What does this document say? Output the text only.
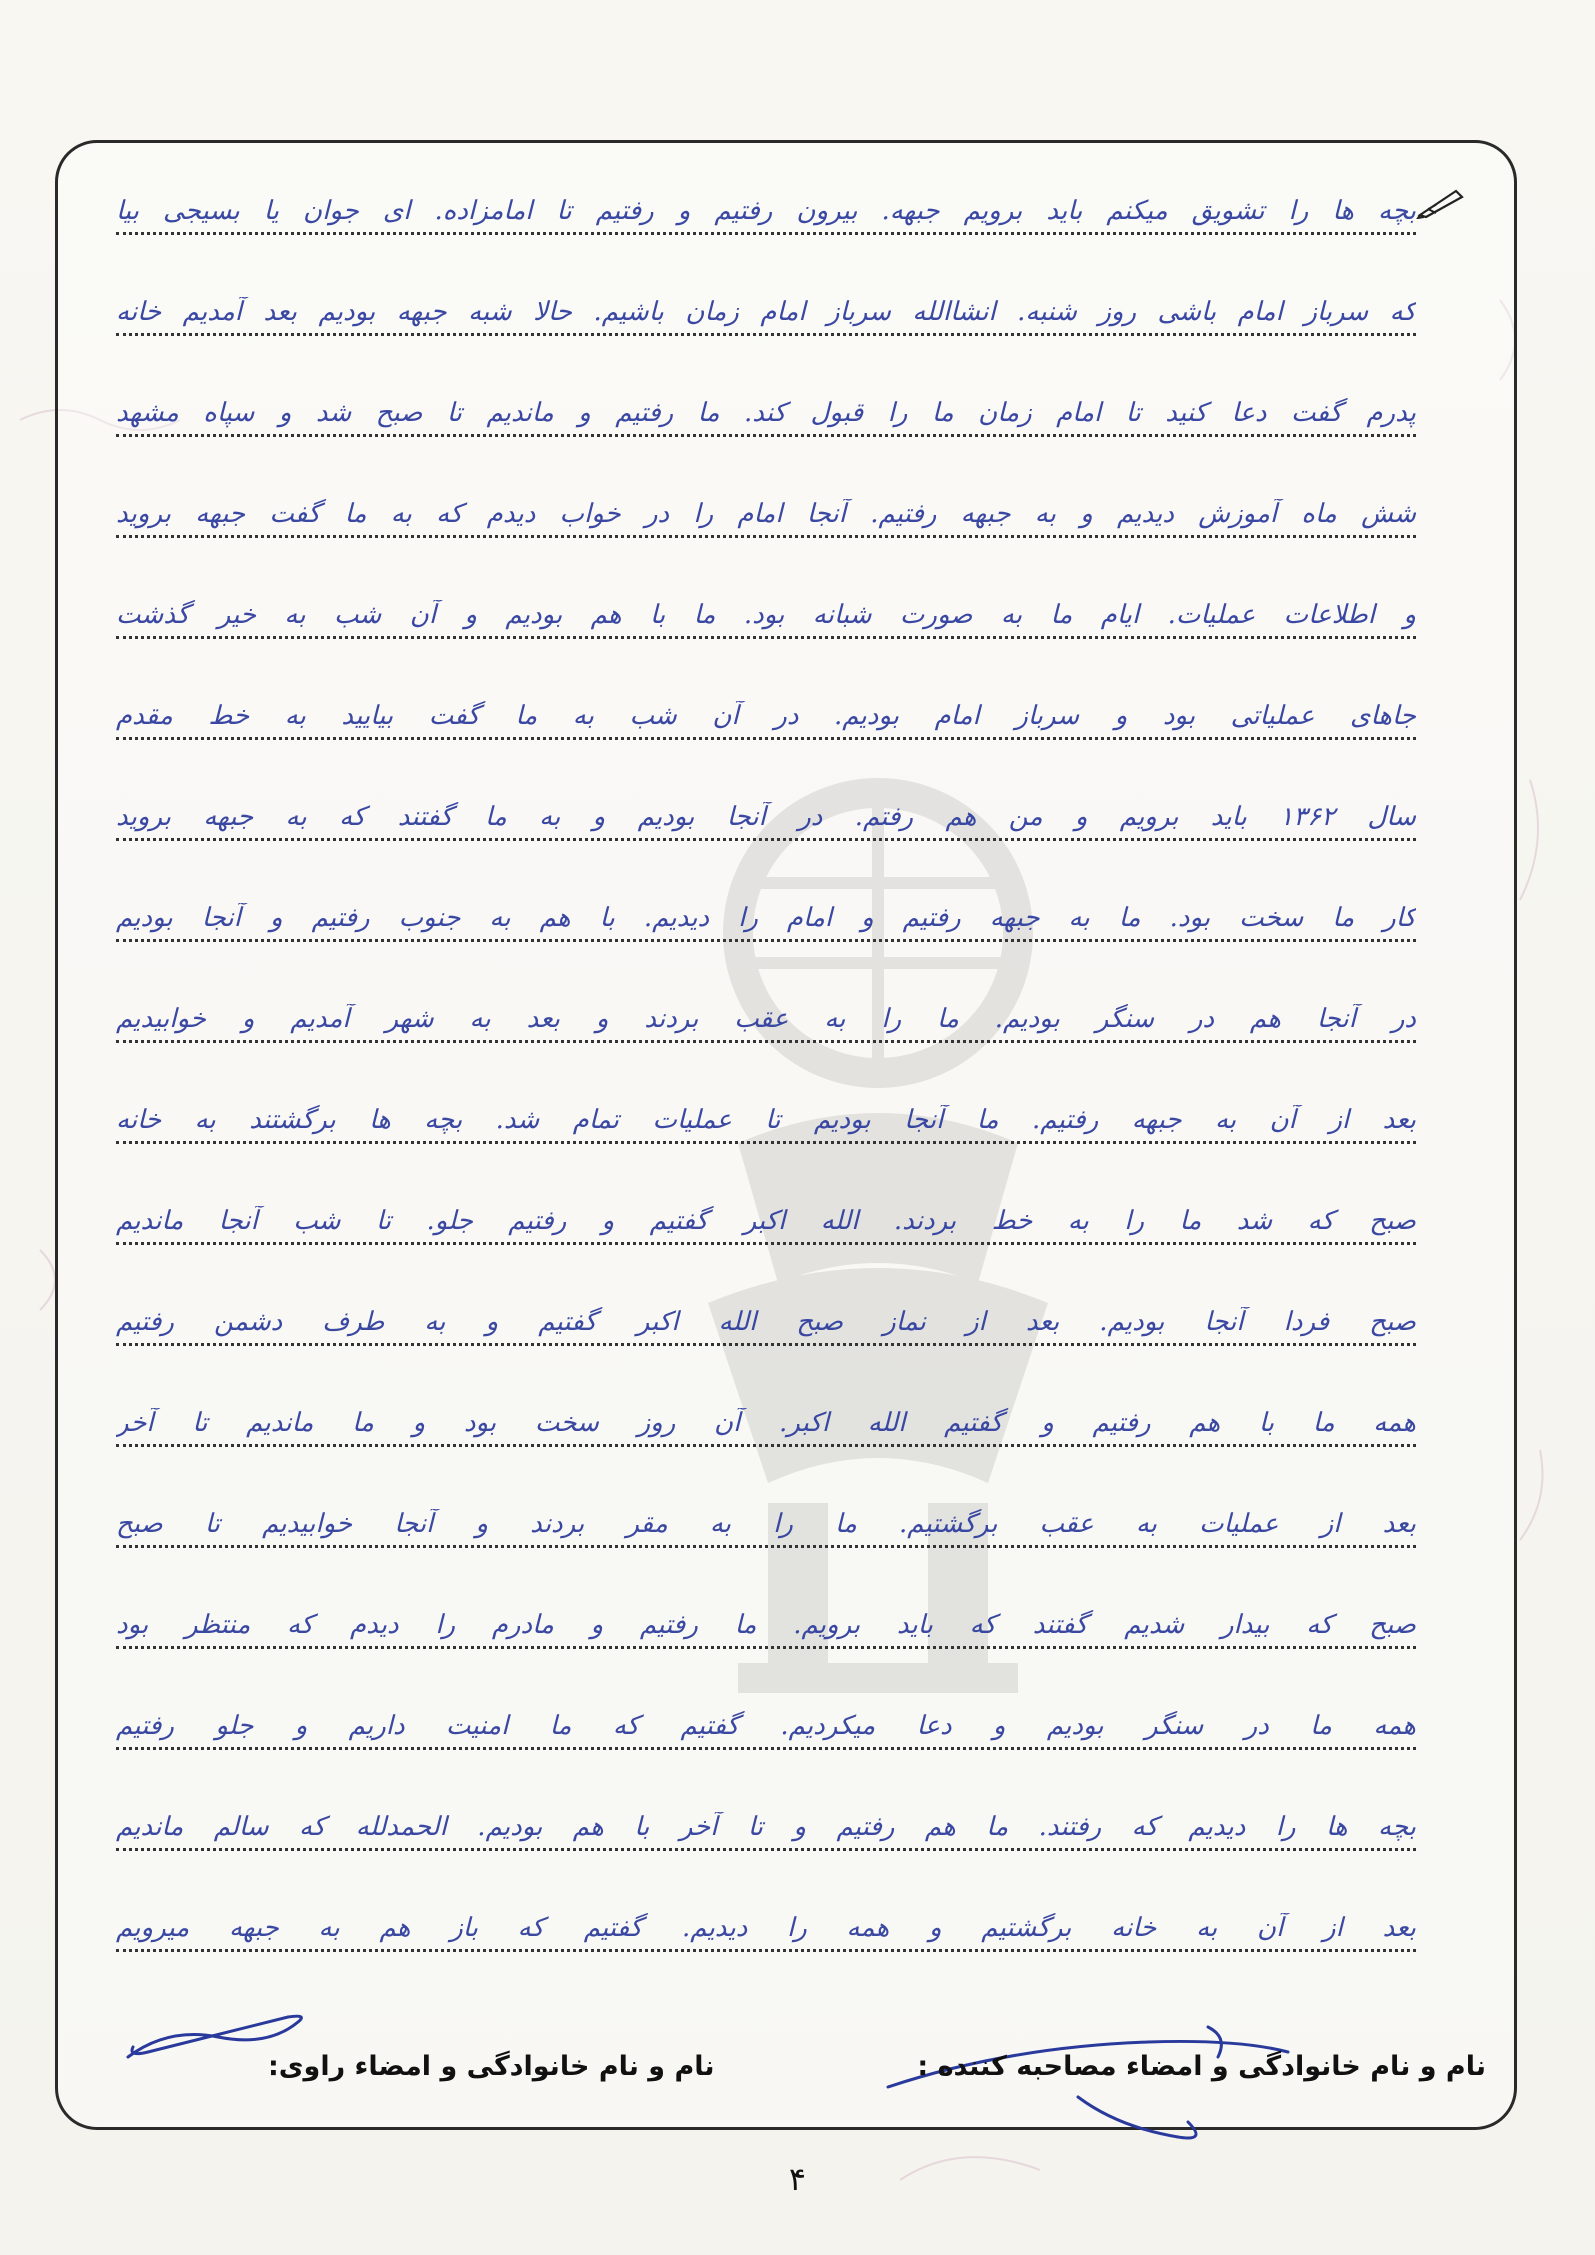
بچه ها را تشویق میکنم باید برویم جبهه. بیرون رفتیم و رفتیم تا امامزاده. ای جوان یا بسیجی بیا
که سرباز امام باشی روز شنبه. انشاالله سرباز امام زمان باشیم. حالا شبه جبهه بودیم بعد آمدیم خانه
پدرم گفت دعا کنید تا امام زمان ما را قبول کند. ما رفتیم و ماندیم تا صبح شد و سپاه مشهد
شش ماه آموزش دیدیم و به جبهه رفتیم. آنجا امام را در خواب دیدم که به ما گفت جبهه بروید
و اطلاعات عملیات. ایام ما به صورت شبانه بود. ما با هم بودیم و آن شب به خیر گذشت
جاهای عملیاتی بود و سرباز امام بودیم. در آن شب به ما گفت بیایید به خط مقدم
سال ۱۳۶۲ باید برویم و من هم رفتم. در آنجا بودیم و به ما گفتند که به جبهه بروید
کار ما سخت بود. ما به جبهه رفتیم و امام را دیدیم. با هم به جنوب رفتیم و آنجا بودیم
در آنجا هم در سنگر بودیم. ما را به عقب بردند و بعد به شهر آمدیم و خوابیدیم
بعد از آن به جبهه رفتیم. ما آنجا بودیم تا عملیات تمام شد. بچه ها برگشتند به خانه
صبح که شد ما را به خط بردند. الله اکبر گفتیم و رفتیم جلو. تا شب آنجا ماندیم
صبح فردا آنجا بودیم. بعد از نماز صبح الله اکبر گفتیم و به طرف دشمن رفتیم
همه ما با هم رفتیم و گفتیم الله اکبر. آن روز سخت بود و ما ماندیم تا آخر
بعد از عملیات به عقب برگشتیم. ما را به مقر بردند و آنجا خوابیدیم تا صبح
صبح که بیدار شدیم گفتند که باید برویم. ما رفتیم و مادرم را دیدم که منتظر بود
همه ما در سنگر بودیم و دعا میکردیم. گفتیم که ما امنیت داریم و جلو رفتیم
بچه ها را دیدیم که رفتند. ما هم رفتیم و تا آخر با هم بودیم. الحمدلله که سالم ماندیم
بعد از آن به خانه برگشتیم و همه را دیدیم. گفتیم که باز هم به جبهه میرویم
نام و نام خانوادگی و امضاء راوی:	نام و نام خانوادگی و امضاء مصاحبه کننده :
۴
